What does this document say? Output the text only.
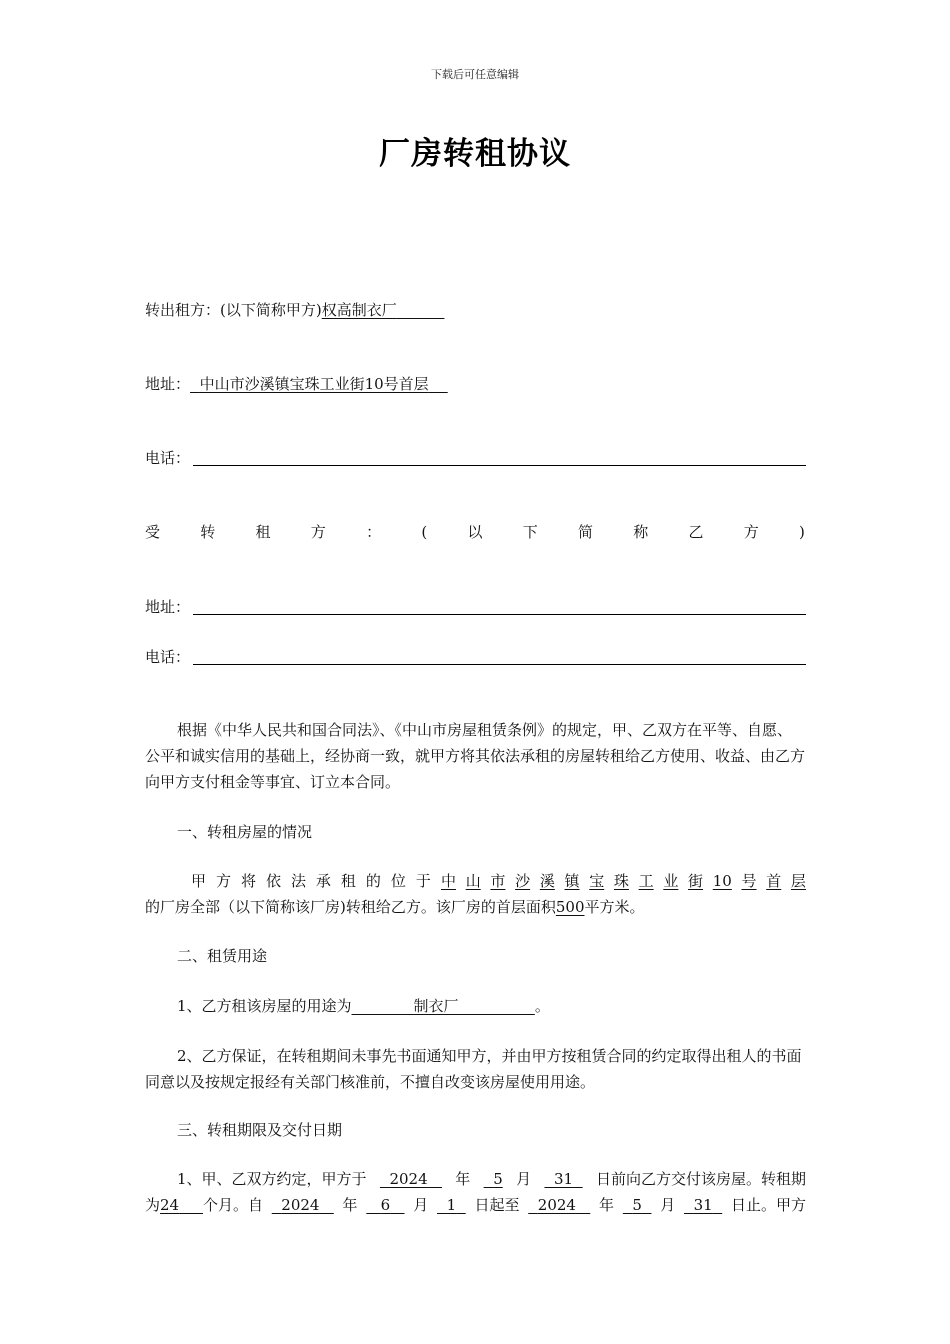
下载后可任意编辑
厂房转租协议
转出租方：(以下简称甲方)权高制衣厂
地址： 中山市沙溪镇宝珠工业街10号首层
电话：
受	转	租	方	：	(	以	下	简	称	乙	方	)
地址：
电话：

根据《中华人民共和国合同法》、《中山市房屋租赁条例》的规定，甲、乙双方在平等、自愿、公平和诚实信用的基础上，经协商一致，就甲方将其依法承租的房屋转租给乙方使用、收益、由乙方向甲方支付租金等事宜、订立本合同。

一、转租房屋的情况
甲 方 将 依 法 承 租 的 位 于 中 山 市 沙 溪 镇 宝 珠 工 业 街 10 号 首 层
的厂房全部（以下简称该厂房)转租给乙方。该厂房的首层面积500平方米。
二、租赁用途
1、乙方租该房屋的用途为	制衣厂	。

2、乙方保证，在转租期间未事先书面通知甲方，并由甲方按租赁合同的约定取得出租人的书面同意以及按规定报经有关部门核准前，不擅自改变该房屋使用用途。

三、转租期限及交付日期
1、甲、乙双方约定，甲方于	2024	年	5 月	31	日前向乙方交付该房屋。转租期
为24 个月。自	2024	年	6	月	1	日起至	2024	年	5	月	31	日止。甲方
